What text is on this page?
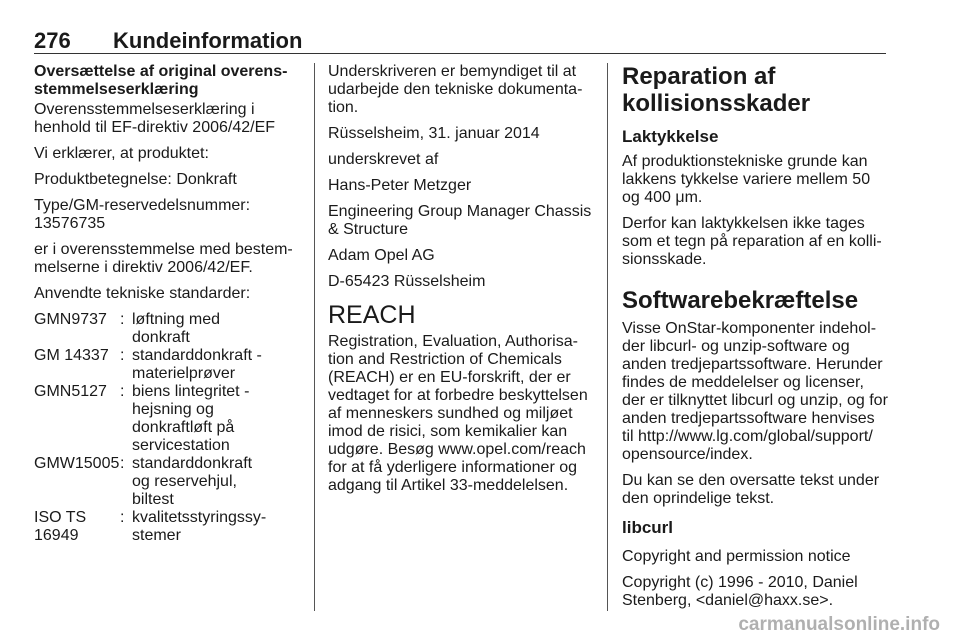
276 Kundeinformation

Oversættelse af original overens-
stemmelseserklæring

Overensstemmelseserklæring i
henhold til EF-direktiv 2006/42/EF

Vi erklærer, at produktet:

Produktbetegnelse: Donkraft

Type/GM-reservedelsnummer:
13576735

er i overensstemmelse med bestem-
melserne i direktiv 2006/42/EF.

Anvendte tekniske standarder:

GMN9737	:	løftning med
donkraft
GM 14337	:	standarddonkraft -
materielprøver
GMN5127	:	biens lintegritet -
hejsning og
donkraftløft på
servicestation
GMW15005	:	standarddonkraft
og reservehjul,
biltest
ISO TS 16949	:	kvalitetsstyringssy-
stemer

Underskriveren er bemyndiget til at
udarbejde den tekniske dokumenta-
tion.

Rüsselsheim, 31. januar 2014

underskrevet af

Hans-Peter Metzger

Engineering Group Manager Chassis
& Structure

Adam Opel AG

D-65423 Rüsselsheim

REACH

Registration, Evaluation, Authorisa-
tion and Restriction of Chemicals
(REACH) er en EU-forskrift, der er
vedtaget for at forbedre beskyttelsen
af menneskers sundhed og miljøet
imod de risici, som kemikalier kan
udgøre. Besøg www.opel.com/reach
for at få yderligere informationer og
adgang til Artikel 33-meddelelsen.

Reparation af
kollisionsskader
Laktykkelse

Af produktionstekniske grunde kan
lakkens tykkelse variere mellem 50
og 400 μm.

Derfor kan laktykkelsen ikke tages
som et tegn på reparation af en kolli-
sionsskade.

Softwarebekræftelse

Visse OnStar-komponenter indehol-
der libcurl- og unzip-software og
anden tredjepartssoftware. Herunder
findes de meddelelser og licenser,
der er tilknyttet libcurl og unzip, og for
anden tredjepartssoftware henvises
til http://www.lg.com/global/support/
opensource/index.

Du kan se den oversatte tekst under
den oprindelige tekst.

libcurl

Copyright and permission notice

Copyright (c) 1996 - 2010, Daniel
Stenberg, <daniel@haxx.se>.

carmanualsonline.info
